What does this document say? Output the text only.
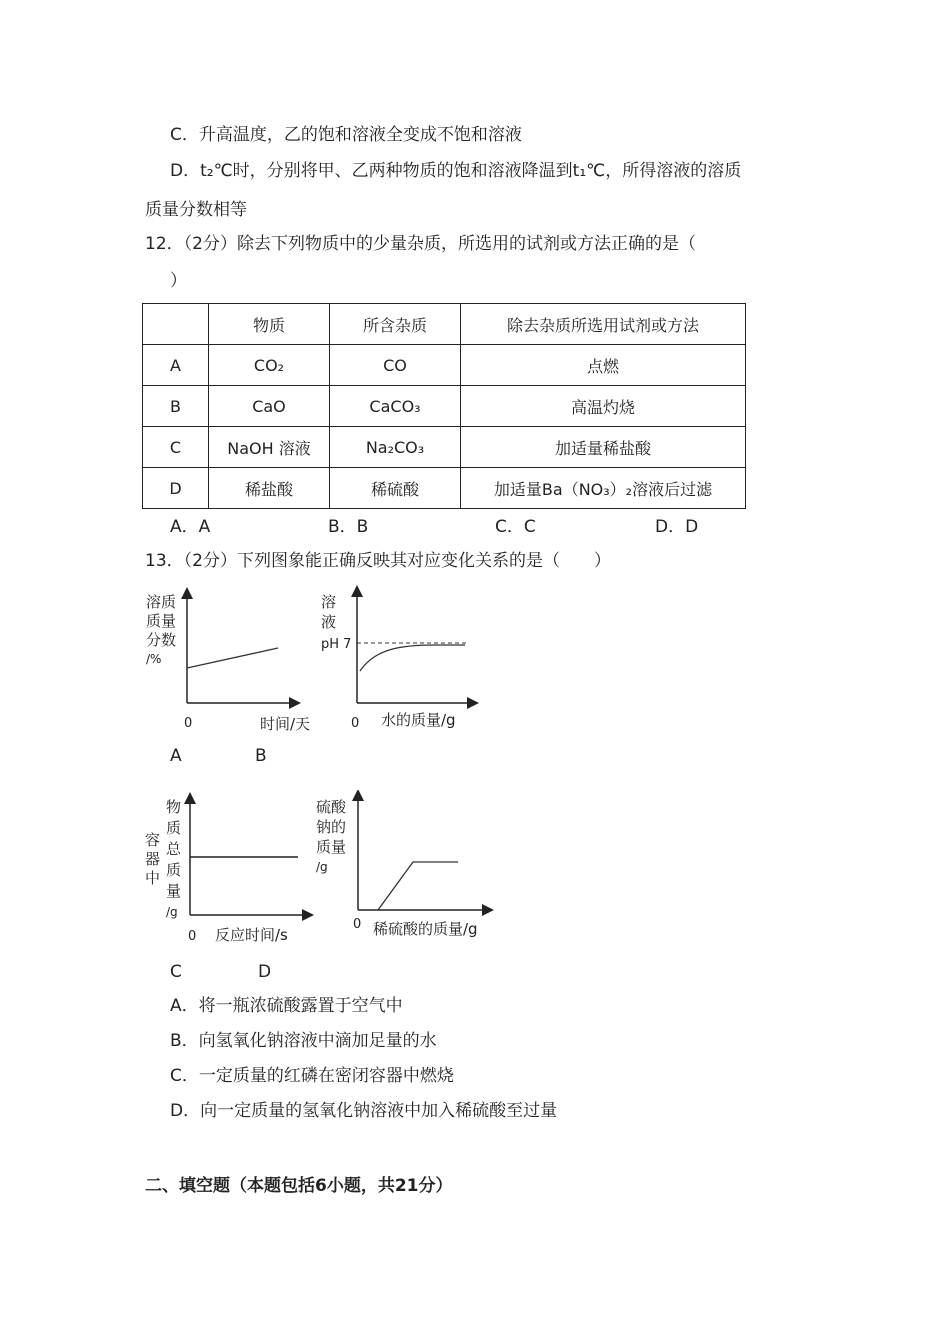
C．升高温度，乙的饱和溶液全变成不饱和溶液
D．t₂℃时，分别将甲、乙两种物质的饱和溶液降温到t₁℃，所得溶液的溶质
质量分数相等
12．（2分）除去下列物质中的少量杂质，所选用的试剂或方法正确的是（
）
	物质	所含杂质	除去杂质所选用试剂或方法
A	CO₂	CO	点燃
B	CaO	CaCO₃	高温灼烧
C	NaOH 溶液	Na₂CO₃	加适量稀盐酸
D	稀盐酸	稀硫酸	加适量Ba（NO₃）₂溶液后过滤
A．A	B．B	C．C	D．D
13．（2分）下列图象能正确反映其对应变化关系的是（　　）
溶质
质量
分数
/%
0	时间/天
溶
液
pH 7
0 水的质量/g
A	B
容
器
中
物
质
总
质
量
/g
0 反应时间/s
硫酸
钠的
质量
/g
0 稀硫酸的质量/g
C	D
A．将一瓶浓硫酸露置于空气中
B．向氢氧化钠溶液中滴加足量的水
C．一定质量的红磷在密闭容器中燃烧
D．向一定质量的氢氧化钠溶液中加入稀硫酸至过量
二、填空题（本题包括6小题，共21分）
